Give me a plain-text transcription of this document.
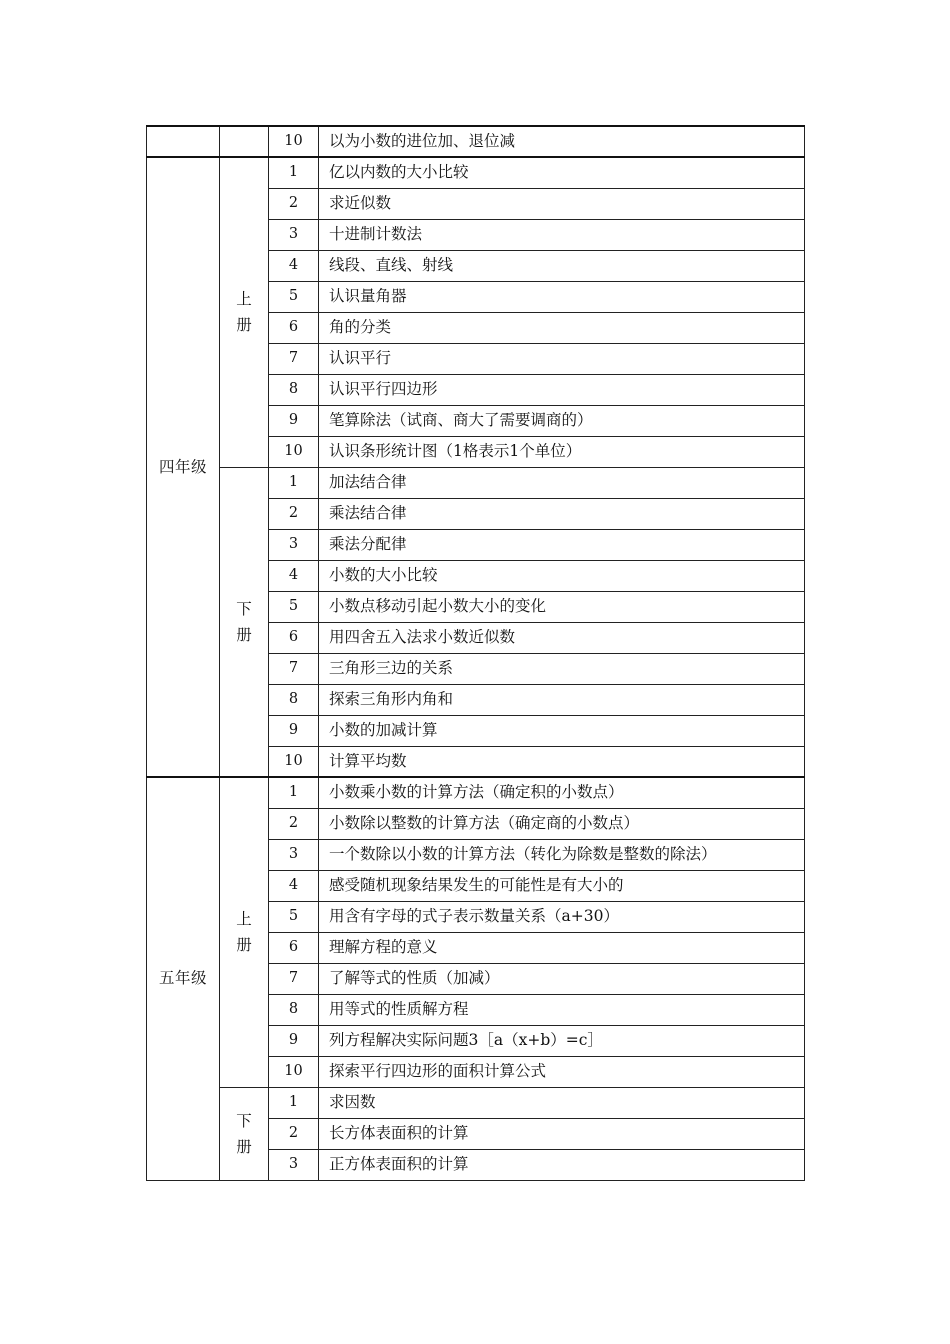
		10	以为小数的进位加、退位减
四年级	上册	1	亿以内数的大小比较
		2	求近似数
		3	十进制计数法
		4	线段、直线、射线
		5	认识量角器
		6	角的分类
		7	认识平行
		8	认识平行四边形
		9	笔算除法（试商、商大了需要调商的）
		10	认识条形统计图（1格表示1个单位）

	下册	1	加法结合律
		2	乘法结合律
		3	乘法分配律
		4	小数的大小比较
		5	小数点移动引起小数大小的变化
		6	用四舍五入法求小数近似数
		7	三角形三边的关系
		8	探索三角形内角和
		9	小数的加减计算
		10	计算平均数
五年级	上册	1	小数乘小数的计算方法（确定积的小数点）
		2	小数除以整数的计算方法（确定商的小数点）
		3	一个数除以小数的计算方法（转化为除数是整数的除法）
		4	感受随机现象结果发生的可能性是有大小的
		5	用含有字母的式子表示数量关系（a+30）
		6	理解方程的意义
		7	了解等式的性质（加减）
		8	用等式的性质解方程
		9	列方程解决实际问题3［a（x+b）=c］
		10	探索平行四边形的面积计算公式

	下册	1	求因数
		2	长方体表面积的计算
		3	正方体表面积的计算
